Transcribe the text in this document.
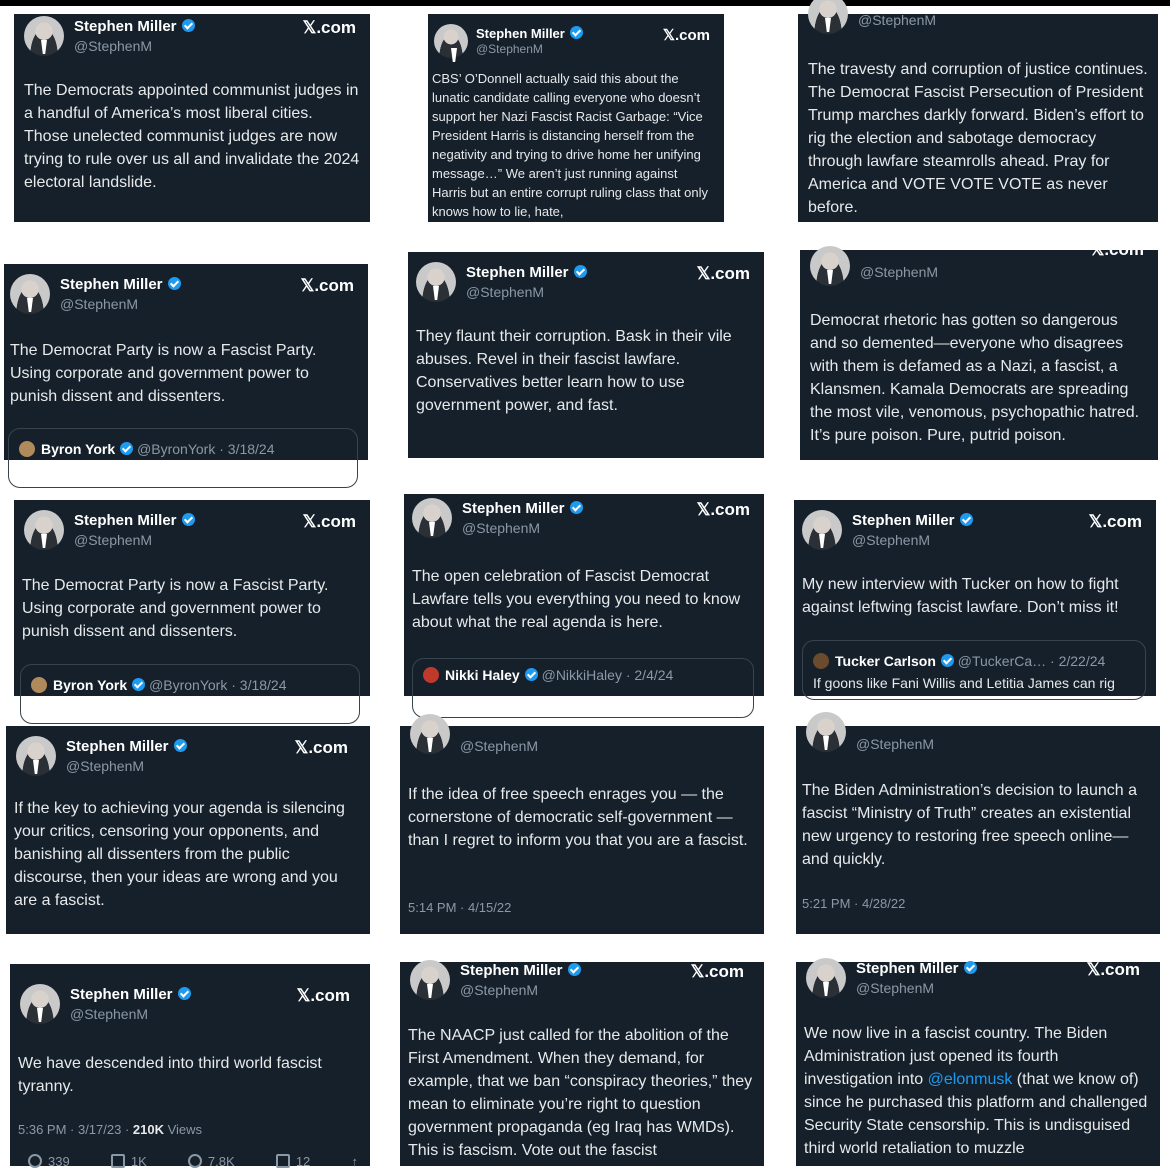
Stephen Miller
@StephenM
𝕏.com
The Democrats appointed communist judges in a handful of America’s most liberal cities. Those unelected communist judges are now trying to rule over us all and invalidate the 2024 electoral landslide.
Stephen Miller
@StephenM
𝕏.com
CBS’ O’Donnell actually said this about the lunatic candidate calling everyone who doesn’t support her Nazi Fascist Racist Garbage: “Vice President Harris is distancing herself from the negativity and trying to drive home her unifying message…” We aren’t just running against Harris but an entire corrupt ruling class that only knows how to lie, hate,
@StephenM
The travesty and corruption of justice continues. The Democrat Fascist Persecution of President Trump marches darkly forward. Biden’s effort to rig the election and sabotage democracy through lawfare steamrolls ahead. Pray for America and VOTE VOTE VOTE as never before.
Stephen Miller
@StephenM
𝕏.com
The Democrat Party is now a Fascist Party. Using corporate and government power to punish dissent and dissenters.
Byron York @ByronYork · 3/18/24
Stephen Miller
@StephenM
𝕏.com
They flaunt their corruption. Bask in their vile abuses. Revel in their fascist lawfare. Conservatives better learn how to use government power, and fast.
@StephenM
𝕏.com
Democrat rhetoric has gotten so dangerous and so demented—everyone who disagrees with them is defamed as a Nazi, a fascist, a Klansmen. Kamala Democrats are spreading the most vile, venomous, psychopathic hatred. It’s pure poison. Pure, putrid poison.
Stephen Miller
@StephenM
𝕏.com
The Democrat Party is now a Fascist Party. Using corporate and government power to punish dissent and dissenters.
Byron York @ByronYork · 3/18/24
Stephen Miller
@StephenM
𝕏.com
The open celebration of Fascist Democrat Lawfare tells you everything you need to know about what the real agenda is here.
Nikki Haley @NikkiHaley · 2/4/24
Stephen Miller
@StephenM
𝕏.com
My new interview with Tucker on how to fight against leftwing fascist lawfare. Don’t miss it!
Tucker Carlson @TuckerCa… · 2/22/24
If goons like Fani Willis and Letitia James can rig
Stephen Miller
@StephenM
𝕏.com
If the key to achieving your agenda is silencing your critics, censoring your opponents, and banishing all dissenters from the public discourse, then your ideas are wrong and you are a fascist.
@StephenM
If the idea of free speech enrages you — the cornerstone of democratic self-government — than I regret to inform you that you are a fascist.
5:14 PM · 4/15/22
@StephenM
The Biden Administration’s decision to launch a fascist “Ministry of Truth” creates an existential new urgency to restoring free speech online—and quickly.
5:21 PM · 4/28/22
Stephen Miller
@StephenM
𝕏.com
We have descended into third world fascist tyranny.
5:36 PM · 3/17/23 · 210K Views
339	1K	7.8K	12	↑
Stephen Miller
@StephenM
𝕏.com
The NAACP just called for the abolition of the First Amendment. When they demand, for example, that we ban “conspiracy theories,” they mean to eliminate you’re right to question government propaganda (eg Iraq has WMDs). This is fascism. Vote out the fascist
Stephen Miller
@StephenM
𝕏.com
We now live in a fascist country. The Biden Administration just opened its fourth investigation into @elonmusk (that we know of) since he purchased this platform and challenged Security State censorship. This is undisguised third world retaliation to muzzle
